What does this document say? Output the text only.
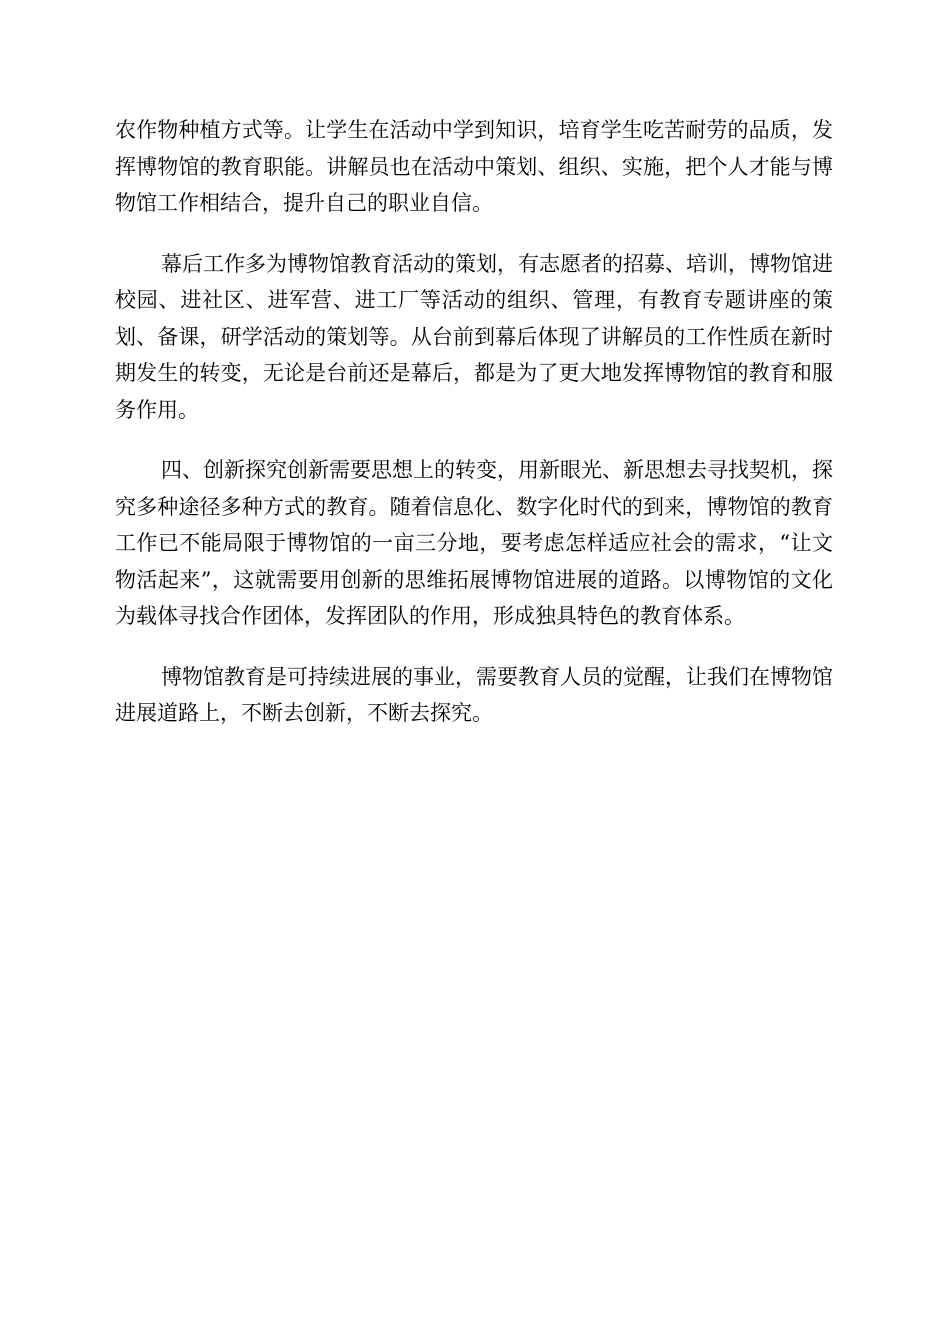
农作物种植方式等。让学生在活动中学到知识，培育学生吃苦耐劳的品质，发挥博物馆的教育职能。讲解员也在活动中策划、组织、实施，把个人才能与博物馆工作相结合，提升自己的职业自信。

幕后工作多为博物馆教育活动的策划，有志愿者的招募、培训，博物馆进校园、进社区、进军营、进工厂等活动的组织、管理，有教育专题讲座的策划、备课，研学活动的策划等。从台前到幕后体现了讲解员的工作性质在新时期发生的转变，无论是台前还是幕后，都是为了更大地发挥博物馆的教育和服务作用。

四、创新探究创新需要思想上的转变，用新眼光、新思想去寻找契机，探究多种途径多种方式的教育。随着信息化、数字化时代的到来，博物馆的教育工作已不能局限于博物馆的一亩三分地，要考虑怎样适应社会的需求，“让文物活起来”，这就需要用创新的思维拓展博物馆进展的道路。以博物馆的文化为载体寻找合作团体，发挥团队的作用，形成独具特色的教育体系。

博物馆教育是可持续进展的事业，需要教育人员的觉醒，让我们在博物馆进展道路上，不断去创新，不断去探究。
